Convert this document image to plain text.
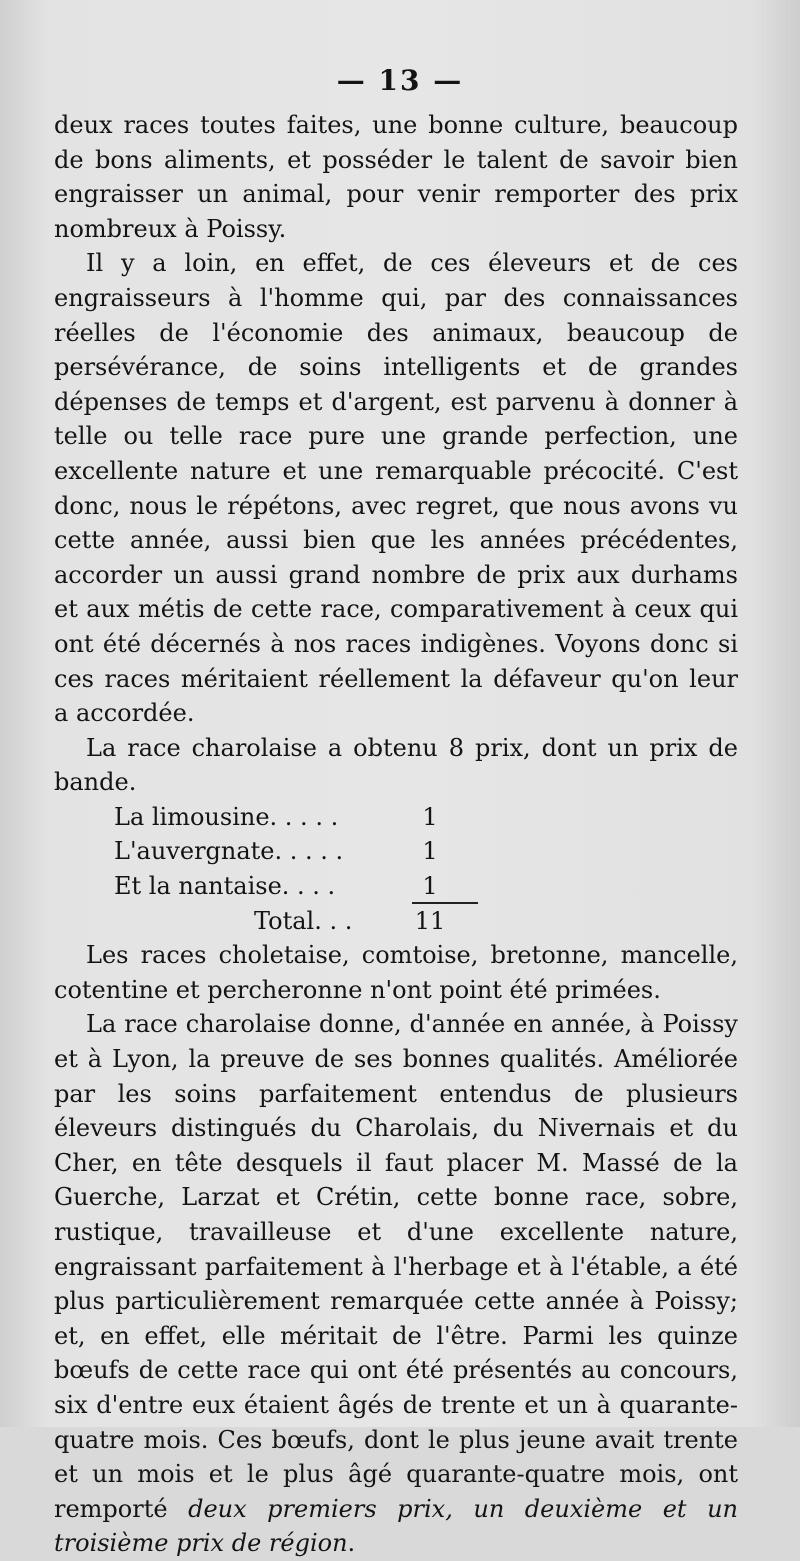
— 13 —

deux races toutes faites, une bonne culture, beaucoup de bons aliments, et posséder le talent de savoir bien engraisser un animal, pour venir remporter des prix nombreux à Poissy.

Il y a loin, en effet, de ces éleveurs et de ces engraisseurs à l'homme qui, par des connaissances réelles de l'économie des animaux, beaucoup de persévérance, de soins intelligents et de grandes dépenses de temps et d'argent, est parvenu à donner à telle ou telle race pure une grande perfection, une excellente nature et une remarquable précocité. C'est donc, nous le répétons, avec regret, que nous avons vu cette année, aussi bien que les années précédentes, accorder un aussi grand nombre de prix aux durhams et aux métis de cette race, comparativement à ceux qui ont été décernés à nos races indigènes. Voyons donc si ces races méritaient réellement la défaveur qu'on leur a accordée.

La race charolaise a obtenu 8 prix, dont un prix de bande.

La limousine. . . . .	1
L'auvergnate. . . . .	1
Et la nantaise. . . .	1
Total. . .	11

Les races choletaise, comtoise, bretonne, mancelle, cotentine et percheronne n'ont point été primées.

La race charolaise donne, d'année en année, à Poissy et à Lyon, la preuve de ses bonnes qualités. Améliorée par les soins parfaitement entendus de plusieurs éleveurs distingués du Charolais, du Nivernais et du Cher, en tête desquels il faut placer M. Massé de la Guerche, Larzat et Crétin, cette bonne race, sobre, rustique, travailleuse et d'une excellente nature, engraissant parfaitement à l'herbage et à l'étable, a été plus particulièrement remarquée cette année à Poissy; et, en effet, elle méritait de l'être. Parmi les quinze bœufs de cette race qui ont été présentés au concours, six d'entre eux étaient âgés de trente et un à quarante-quatre mois. Ces bœufs, dont le plus jeune avait trente et un mois et le plus âgé quarante-quatre mois, ont remporté deux premiers prix, un deuxième et un troisième prix de région.
